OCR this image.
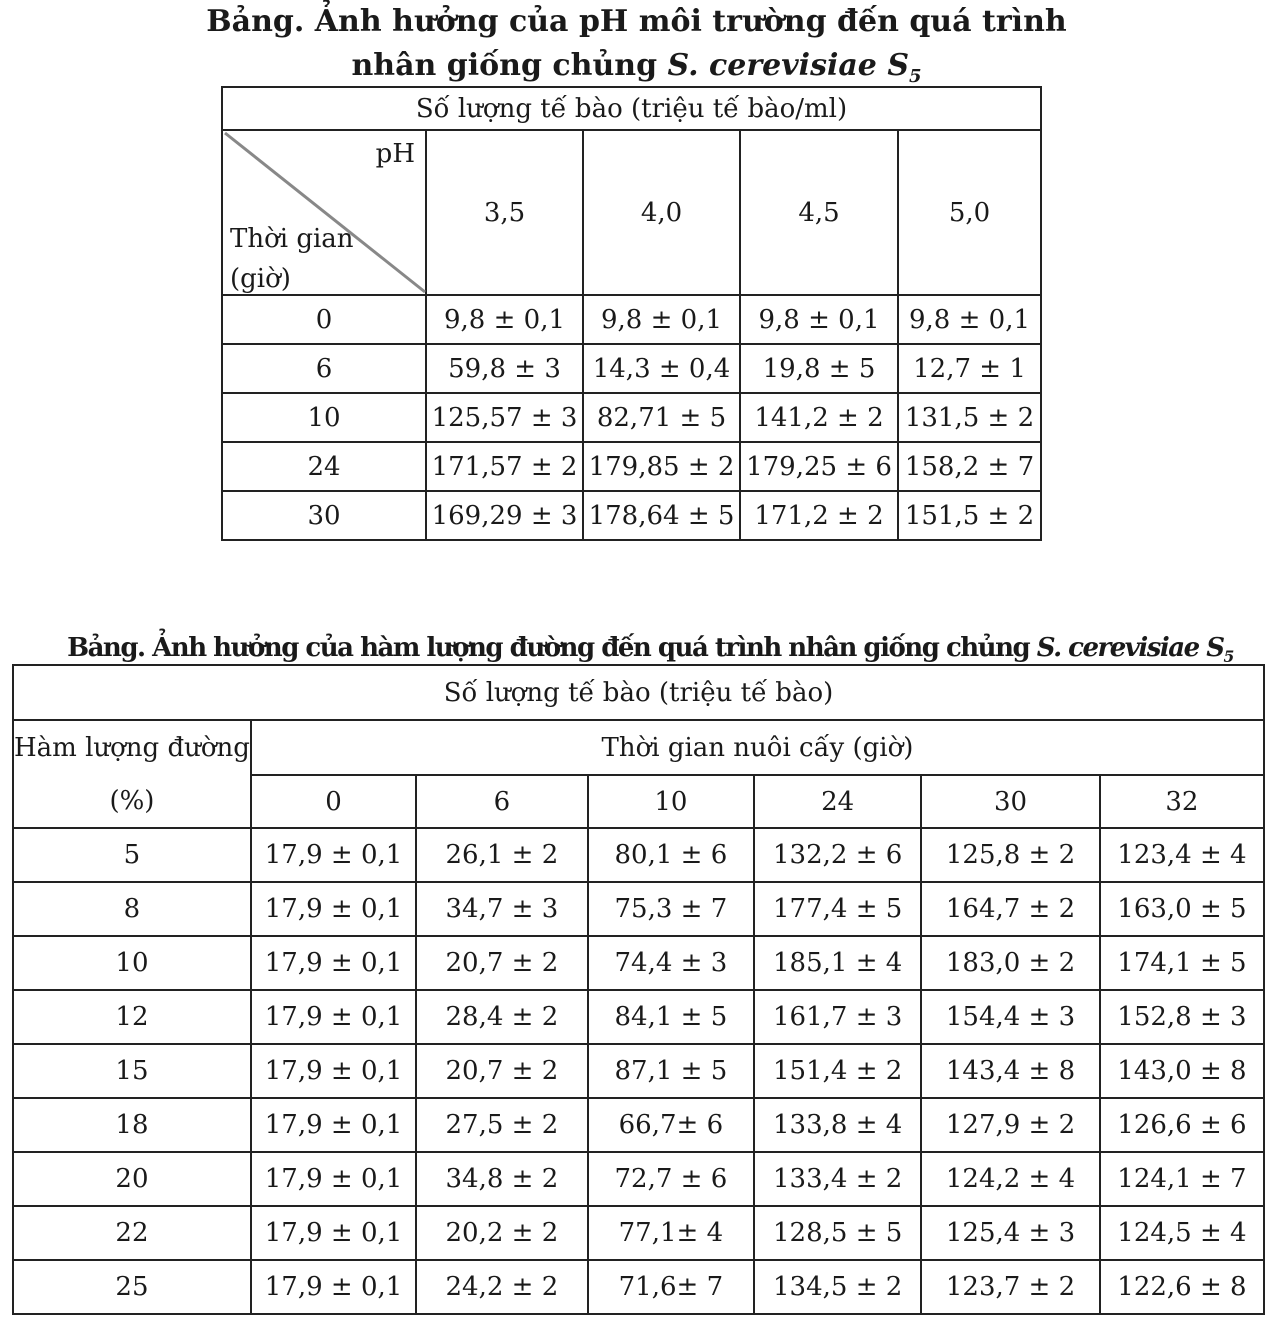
Bảng. Ảnh hưởng của pH môi trường đến quá trình
nhân giống chủng S. cerevisiae $S_5$
Số lượng tế bào (triệu tế bào/ml)				

pH
Thời gian
(giờ)	3,5	4,0	4,5	5,0
0	9,8 ± 0,1	9,8 ± 0,1	9,8 ± 0,1	9,8 ± 0,1
6	59,8 ± 3	14,3 ± 0,4	19,8 ± 5	12,7 ± 1
10	125,57 ± 3	82,71 ± 5	141,2 ± 2	131,5 ± 2
24	171,57 ± 2	179,85 ± 2	179,25 ± 6	158,2 ± 7
30	169,29 ± 3	178,64 ± 5	171,2 ± 2	151,5 ± 2
Bảng. Ảnh hưởng của hàm lượng đường đến quá trình nhân giống chủng S. cerevisiae $S_5$
Số lượng tế bào (triệu tế bào)						
Hàm lượng đường	Thời gian nuôi cấy (giờ)					
(%)	0	6	10	24	30	32
5	17,9 ± 0,1	26,1 ± 2	80,1 ± 6	132,2 ± 6	125,8 ± 2	123,4 ± 4
8	17,9 ± 0,1	34,7 ± 3	75,3 ± 7	177,4 ± 5	164,7 ± 2	163,0 ± 5
10	17,9 ± 0,1	20,7 ± 2	74,4 ± 3	185,1 ± 4	183,0 ± 2	174,1 ± 5
12	17,9 ± 0,1	28,4 ± 2	84,1 ± 5	161,7 ± 3	154,4 ± 3	152,8 ± 3
15	17,9 ± 0,1	20,7 ± 2	87,1 ± 5	151,4 ± 2	143,4 ± 8	143,0 ± 8
18	17,9 ± 0,1	27,5 ± 2	66,7± 6	133,8 ± 4	127,9 ± 2	126,6 ± 6
20	17,9 ± 0,1	34,8 ± 2	72,7 ± 6	133,4 ± 2	124,2 ± 4	124,1 ± 7
22	17,9 ± 0,1	20,2 ± 2	77,1± 4	128,5 ± 5	125,4 ± 3	124,5 ± 4
25	17,9 ± 0,1	24,2 ± 2	71,6± 7	134,5 ± 2	123,7 ± 2	122,6 ± 8
